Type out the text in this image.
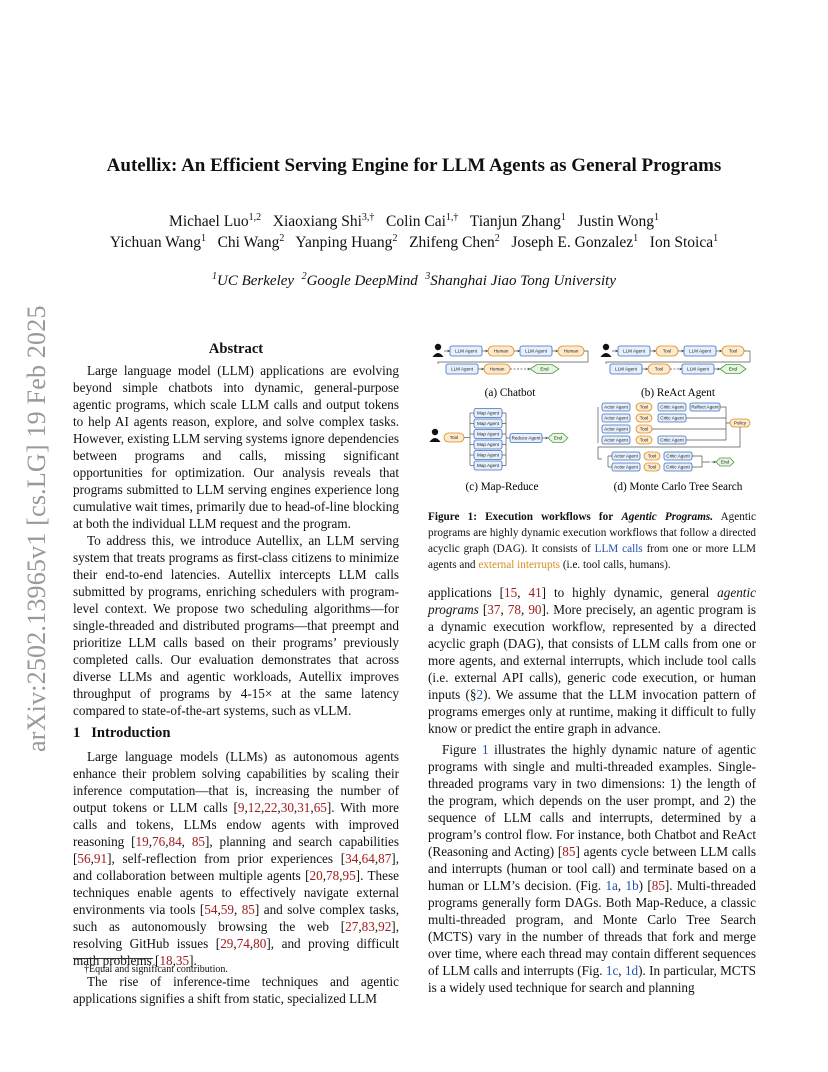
Autellix: An Efficient Serving Engine for LLM Agents as General Programs
Michael Luo$^{1,2}$ Xiaoxiang Shi$^{3,\dagger}$ Colin Cai$^{1,\dagger}$ Tianjun Zhang$^1$ Justin Wong$^1$
Yichuan Wang$^1$ Chi Wang$^2$ Yanping Huang$^2$ Zhifeng Chen$^2$ Joseph E. Gonzalez$^1$ Ion Stoica$^1$
$^1$UC Berkeley $^2$Google DeepMind $^3$Shanghai Jiao Tong University
arXiv:2502.13965v1 [cs.LG] 19 Feb 2025	Abstract

Large language model (LLM) applications are evolving beyond simple chatbots into dynamic, general-purpose agentic programs, which scale LLM calls and output tokens to help AI agents reason, explore, and solve complex tasks. However, existing LLM serving systems ignore dependencies between programs and calls, missing significant opportunities for optimization. Our analysis reveals that programs submitted to LLM serving engines experience long cumulative wait times, primarily due to head-of-line blocking at both the individual LLM request and the program.

To address this, we introduce Autellix, an LLM serving system that treats programs as first-class citizens to minimize their end-to-end latencies. Autellix intercepts LLM calls submitted by programs, enriching schedulers with program-level context. We propose two scheduling algorithms—for single-threaded and distributed programs—that preempt and prioritize LLM calls based on their programs’ previously completed calls. Our evaluation demonstrates that across diverse LLMs and agentic workloads, Autellix improves throughput of programs by 4-15× at the same latency compared to state-of-the-art systems, such as vLLM.

1 Introduction

Large language models (LLMs) as autonomous agents enhance their problem solving capabilities by scaling their inference computation—that is, increasing the number of output tokens or LLM calls [9,12,22,30,31,65]. With more calls and tokens, LLMs endow agents with improved reasoning [19,76,84, 85], planning and search capabilities [56,91], self-reflection from prior experiences [34,64,87], and collaboration between multiple agents [20,78,95]. These techniques enable agents to effectively navigate external environments via tools [54,59, 85] and solve complex tasks, such as autonomously browsing the web [27,83,92], resolving GitHub issues [29,74,80], and proving difficult math problems [18,35].

The rise of inference-time techniques and agentic applications signifies a shift from static, specialized LLM

†Equal and significant contribution.
LLM Agent	Human	LLM Agent	Human
LLM Agent	Human	End
(a) Chatbot
LLM Agent	Tool	LLM Agent	Tool
LLM Agent	Tool	LLM Agent	End
(b) ReAct Agent
Tool
Map Agent
Map Agent
Map Agent
Map Agent
Map Agent
Map Agent
Reduce Agent	End
(c) Map-Reduce
Actor Agent	Tool	Critic Agent Reflect Agent
Actor Agent	Tool	Critic Agent
Actor Agent	Tool
Actor Agent	Tool	Critic Agent
Policy
Actor Agent Tool Critic Agent
Actor Agent Tool Critic Agent
End
(d) Monte Carlo Tree Search
Figure 1: Execution workflows for Agentic Programs. Agentic programs are highly dynamic execution workflows that follow a directed acyclic graph (DAG). It consists of LLM calls from one or more LLM agents and external interrupts (i.e. tool calls, humans).

applications [15, 41] to highly dynamic, general agentic programs [37, 78, 90]. More precisely, an agentic program is a dynamic execution workflow, represented by a directed acyclic graph (DAG), that consists of LLM calls from one or more agents, and external interrupts, which include tool calls (i.e. external API calls), generic code execution, or human inputs (§2). We assume that the LLM invocation pattern of programs emerges only at runtime, making it difficult to fully know or predict the entire graph in advance.

Figure 1 illustrates the highly dynamic nature of agentic programs with single and multi-threaded examples. Single-threaded programs vary in two dimensions: 1) the length of the program, which depends on the user prompt, and 2) the sequence of LLM calls and interrupts, determined by a program’s control flow. For instance, both Chatbot and ReAct (Reasoning and Acting) [85] agents cycle between LLM calls and interrupts (human or tool call) and terminate based on a human or LLM’s decision. (Fig. 1a, 1b) [85]. Multi-threaded programs generally form DAGs. Both Map-Reduce, a classic multi-threaded program, and Monte Carlo Tree Search (MCTS) vary in the number of threads that fork and merge over time, where each thread may contain different sequences of LLM calls and interrupts (Fig. 1c, 1d). In particular, MCTS is a widely used technique for search and planning
